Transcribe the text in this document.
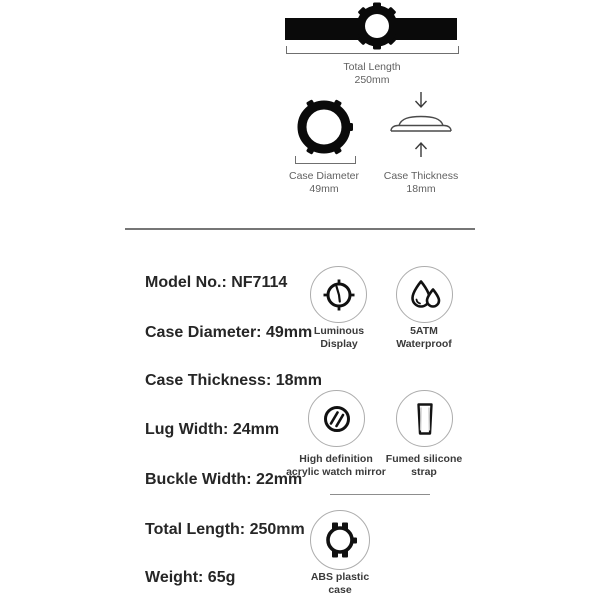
Total Length
250mm
Case Diameter
49mm
Case Thickness
18mm
Model No.: NF7114
Case Diameter: 49mm
Case Thickness: 18mm
Lug Width: 24mm
Buckle Width: 22mm
Total Length: 250mm
Weight: 65g
Luminous
Display
5ATM
Waterproof
High definition
acrylic watch mirror
Fumed silicone
strap
ABS plastic
case
